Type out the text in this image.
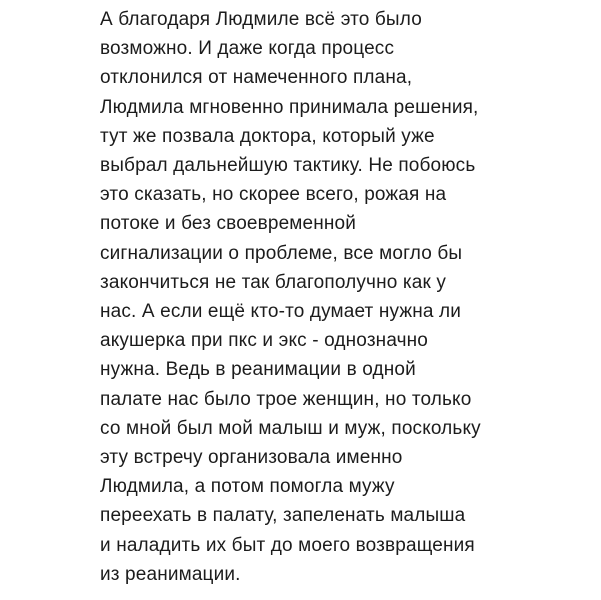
А благодаря Людмиле всё это было
возможно. И даже когда процесс
отклонился от намеченного плана,
Людмила мгновенно принимала решения,
тут же позвала доктора, который уже
выбрал дальнейшую тактику. Не побоюсь
это сказать, но скорее всего, рожая на
потоке и без своевременной
сигнализации о проблеме, все могло бы
закончиться не так благополучно как у
нас. А если ещё кто-то думает нужна ли
акушерка при пкс и экс - однозначно
нужна. Ведь в реанимации в одной
палате нас было трое женщин, но только
со мной был мой малыш и муж, поскольку
эту встречу организовала именно
Людмила, а потом помогла мужу
переехать в палату, запеленать малыша
и наладить их быт до моего возвращения
из реанимации.
